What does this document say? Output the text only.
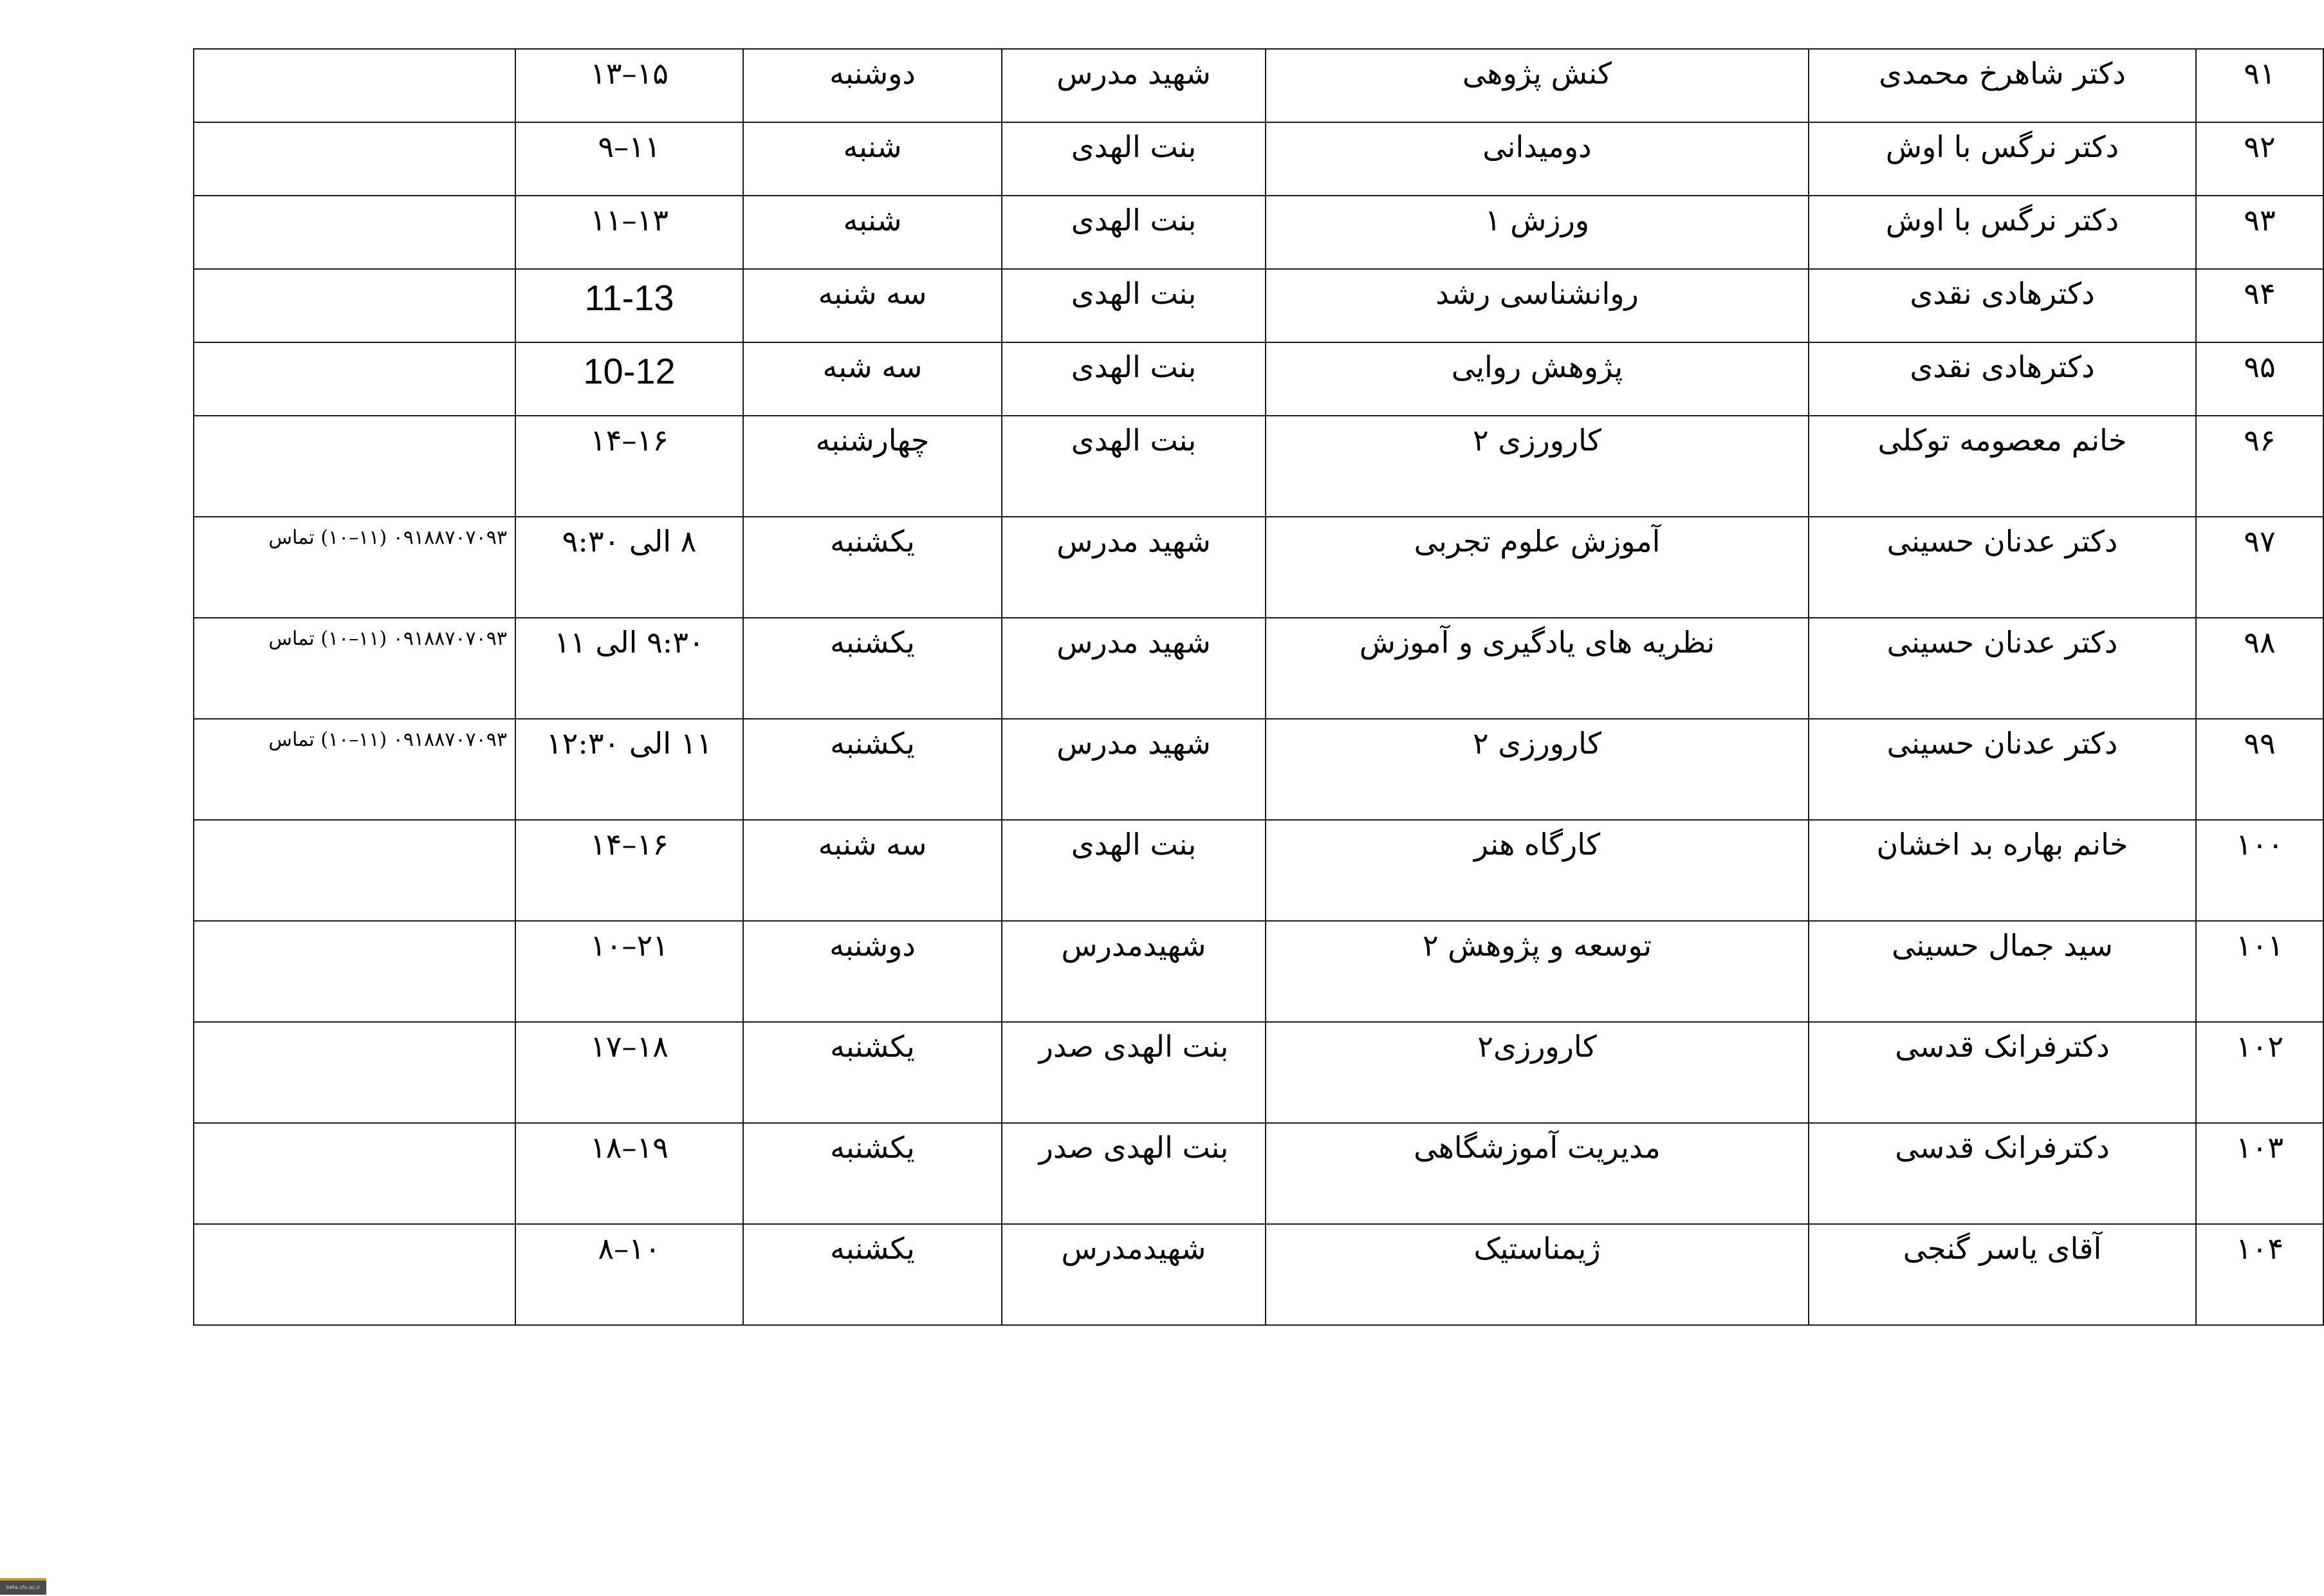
۹۱	دکتر شاهرخ محمدی	کنش پژوهی	شهید مدرس	دوشنبه	۱۵–۱۳	
۹۲	دکتر نرگس با اوش	دومیدانی	بنت الهدی	شنبه	۱۱–۹	
۹۳	دکتر نرگس با اوش	ورزش ۱	بنت الهدی	شنبه	۱۳–۱۱	
۹۴	دکترهادی نقدی	روانشناسی رشد	بنت الهدی	سه شنبه	11-13	
۹۵	دکترهادی نقدی	پژوهش روایی	بنت الهدی	سه شبه	10-12	
۹۶	خانم معصومه توکلی	کارورزی ۲	بنت الهدی	چهارشنبه	۱۶–۱۴	
۹۷	دکتر عدنان حسینی	آموزش علوم تجربی	شهید مدرس	یکشنبه	۸ الی ۹:۳۰	۰۹۱۸۸۷۰۷۰۹۳ (۱۱–۱۰) تماس
۹۸	دکتر عدنان حسینی	نظریه های یادگیری و آموزش	شهید مدرس	یکشنبه	۹:۳۰ الی ۱۱	۰۹۱۸۸۷۰۷۰۹۳ (۱۱–۱۰) تماس
۹۹	دکتر عدنان حسینی	کارورزی ۲	شهید مدرس	یکشنبه	۱۱ الی ۱۲:۳۰	۰۹۱۸۸۷۰۷۰۹۳ (۱۱–۱۰) تماس
۱۰۰	خانم بهاره بد اخشان	کارگاه هنر	بنت الهدی	سه شنبه	۱۶–۱۴	
۱۰۱	سید جمال حسینی	توسعه و پژوهش ۲	شهیدمدرس	دوشنبه	۲۱–۱۰	
۱۰۲	دکترفرانک قدسی	کارورزی۲	بنت الهدی صدر	یکشنبه	۱۸–۱۷	
۱۰۳	دکترفرانک قدسی	مدیریت آموزشگاهی	بنت الهدی صدر	یکشنبه	۱۹–۱۸	
۱۰۴	آقای یاسر گنجی	ژیمناستیک	شهیدمدرس	یکشنبه	۱۰–۸	
beta.cfu.ac.ir
